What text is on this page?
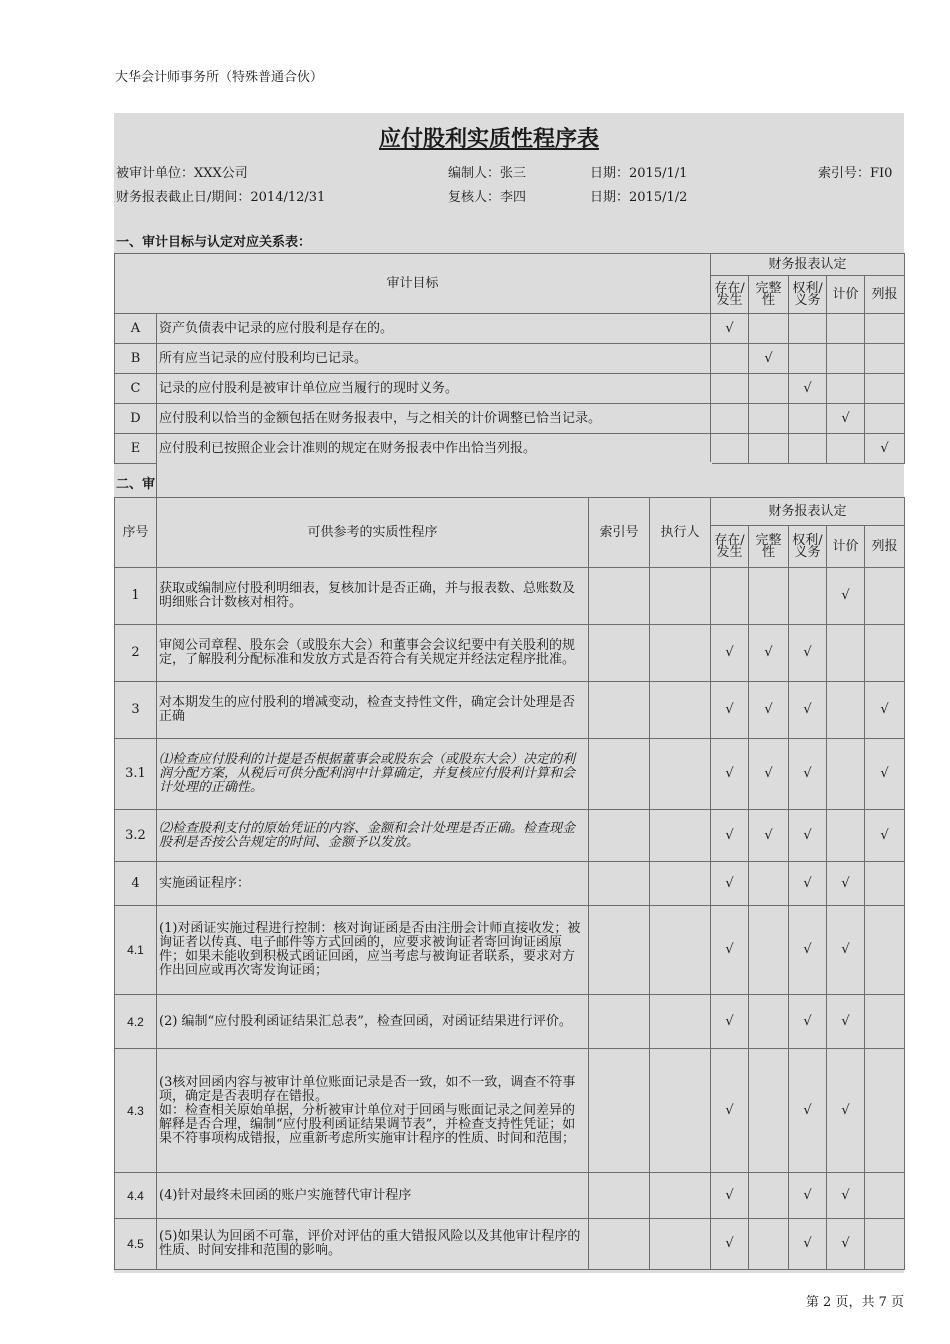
大华会计师事务所（特殊普通合伙）
应付股利实质性程序表
被审计单位：XXX公司	编制人：张三	日期：2015/1/1	索引号：FI0
财务报表截止日/期间：2014/12/31	复核人：李四	日期：2015/1/2
一、审计目标与认定对应关系表：
审计目标		财务报表认定				
		存在/发生	完整性	权利/义务	计价	列报
A	资产负债表中记录的应付股利是存在的。	√				
B	所有应当记录的应付股利均已记录。		√			
C	记录的应付股利是被审计单位应当履行的现时义务。			√		
D	应付股利以恰当的金额包括在财务报表中，与之相关的计价调整已恰当记录。				√	
E	应付股利已按照企业会计准则的规定在财务报表中作出恰当列报。					√
二、审
序号	可供参考的实质性程序	索引号	执行人	财务报表认定				
				存在/发生	完整性	权利/义务	计价	列报
1	获取或编制应付股利明细表，复核加计是否正确，并与报表数、总账数及明细账合计数核对相符。						√	
2	审阅公司章程、股东会（或股东大会）和董事会会议纪要中有关股利的规定，了解股利分配标准和发放方式是否符合有关规定并经法定程序批准。			√	√	√		
3	对本期发生的应付股利的增减变动，检查支持性文件，确定会计处理是否正确			√	√	√		√
3.1	⑴检查应付股利的计提是否根据董事会或股东会（或股东大会）决定的利润分配方案，从税后可供分配利润中计算确定，并复核应付股利计算和会计处理的正确性。			√	√	√		√
3.2	⑵检查股利支付的原始凭证的内容、金额和会计处理是否正确。检查现金股利是否按公告规定的时间、金额予以发放。			√	√	√		√
4	实施函证程序：			√		√	√	
4.1	(1)对函证实施过程进行控制：核对询证函是否由注册会计师直接收发；被询证者以传真、电子邮件等方式回函的，应要求被询证者寄回询证函原件；如果未能收到积极式函证回函，应当考虑与被询证者联系，要求对方作出回应或再次寄发询证函；			√		√	√	
4.2	(2) 编制“应付股利函证结果汇总表”，检查回函，对函证结果进行评价。			√		√	√	
4.3	(3核对回函内容与被审计单位账面记录是否一致，如不一致，调查不符事项，确定是否表明存在错报。
如：检查相关原始单据，分析被审计单位对于回函与账面记录之间差异的解释是否合理，编制“应付股利函证结果调节表”，并检查支持性凭证；如果不符事项构成错报，应重新考虑所实施审计程序的性质、时间和范围；			√		√	√	
4.4	(4)针对最终未回函的账户实施替代审计程序			√		√	√	
4.5	(5)如果认为回函不可靠，评价对评估的重大错报风险以及其他审计程序的性质、时间安排和范围的影响。			√		√	√	
第 2 页，共 7 页
